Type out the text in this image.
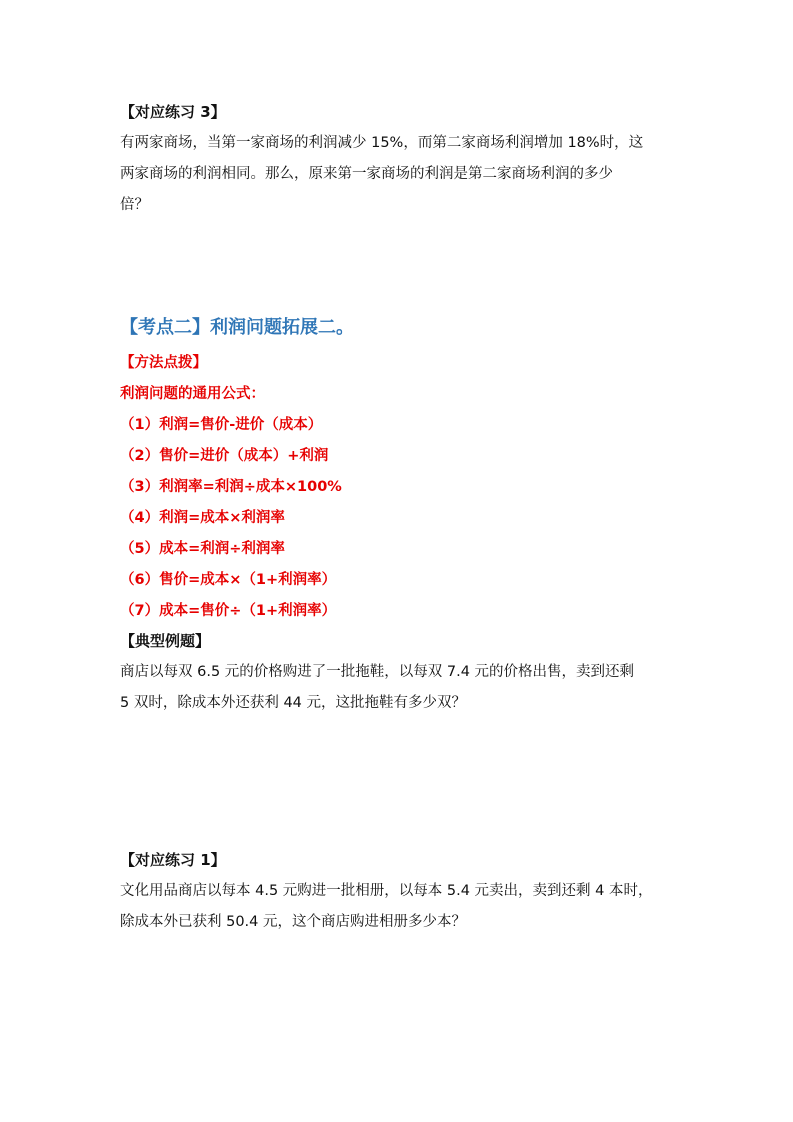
【对应练习 3】

有两家商场，当第一家商场的利润减少 15%，而第二家商场利润增加 18%时，这
两家商场的利润相同。那么，原来第一家商场的利润是第二家商场利润的多少
倍？

【考点二】利润问题拓展二。
【方法点拨】
利润问题的通用公式：
（1）利润=售价-进价（成本）
（2）售价=进价（成本）+利润
（3）利润率=利润÷成本×100%
（4）利润=成本×利润率
（5）成本=利润÷利润率
（6）售价=成本×（1+利润率）
（7）成本=售价÷（1+利润率）
【典型例题】

商店以每双 6.5 元的价格购进了一批拖鞋，以每双 7.4 元的价格出售，卖到还剩
5 双时，除成本外还获利 44 元，这批拖鞋有多少双？

【对应练习 1】

文化用品商店以每本 4.5 元购进一批相册，以每本 5.4 元卖出，卖到还剩 4 本时，
除成本外已获利 50.4 元，这个商店购进相册多少本？
